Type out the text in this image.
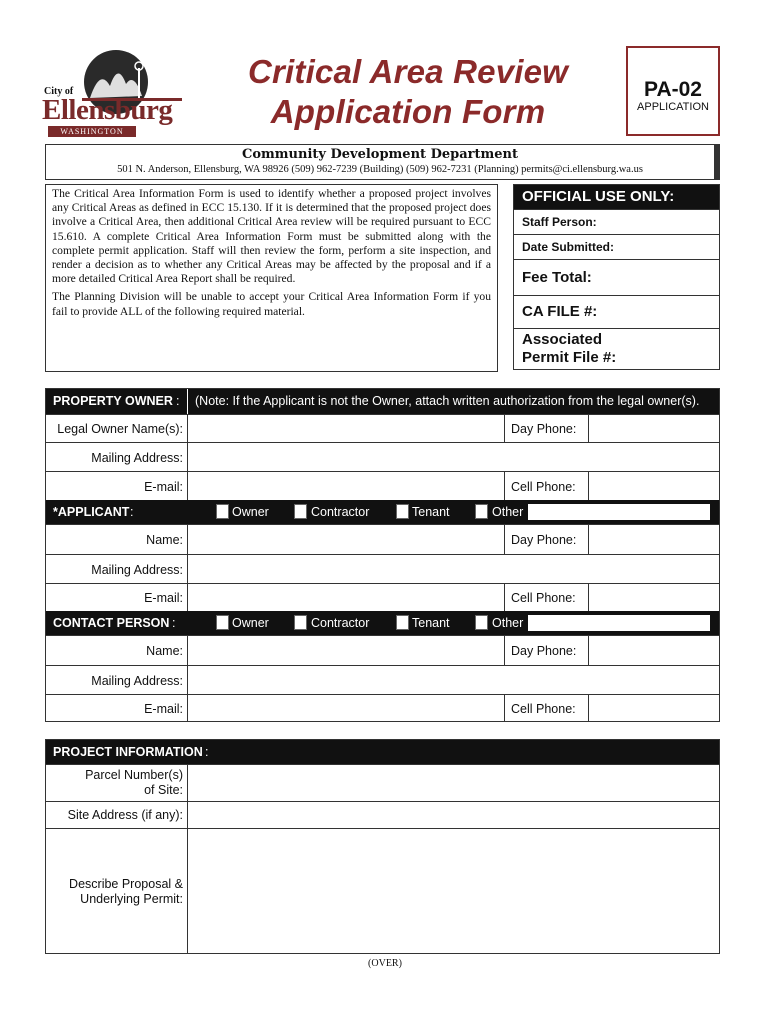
City of
Ellensburg
WASHINGTON
Critical Area Review
Application Form
PA-02
APPLICATION
Community Development Department
501 N. Anderson, Ellensburg, WA 98926 (509) 962-7239 (Building) (509) 962-7231 (Planning) permits@ci.ellensburg.wa.us

The Critical Area Information Form is used to identify whether a proposed project involves any Critical Areas as defined in ECC 15.130. If it is determined that the proposed project does involve a Critical Area, then additional Critical Area review will be required pursuant to ECC 15.610. A complete Critical Area Information Form must be submitted along with the complete permit application. Staff will then review the form, perform a site inspection, and render a decision as to whether any Critical Areas may be affected by the proposal and if a more detailed Critical Area Report shall be required.

The Planning Division will be unable to accept your Critical Area Information Form if you fail to provide ALL of the following required material.

OFFICIAL USE ONLY:
Staff Person:
Date Submitted:
Fee Total:
CA FILE #:
Associated
Permit File #:
PROPERTY OWNER : (Note: If the Applicant is not the Owner, attach written authorization from the legal owner(s).
Legal Owner Name(s):	Day Phone:
Mailing Address:
E-mail:	Cell Phone:
*APPLICANT :	Owner	Contractor	Tenant	Other
Name:	Day Phone:
Mailing Address:
E-mail:	Cell Phone:
CONTACT PERSON :	Owner	Contractor	Tenant	Other
Name:	Day Phone:
Mailing Address:
E-mail:	Cell Phone:
PROJECT INFORMATION :
Parcel Number(s)
of Site:
Site Address (if any):
Describe Proposal &
Underlying Permit:
(OVER)
